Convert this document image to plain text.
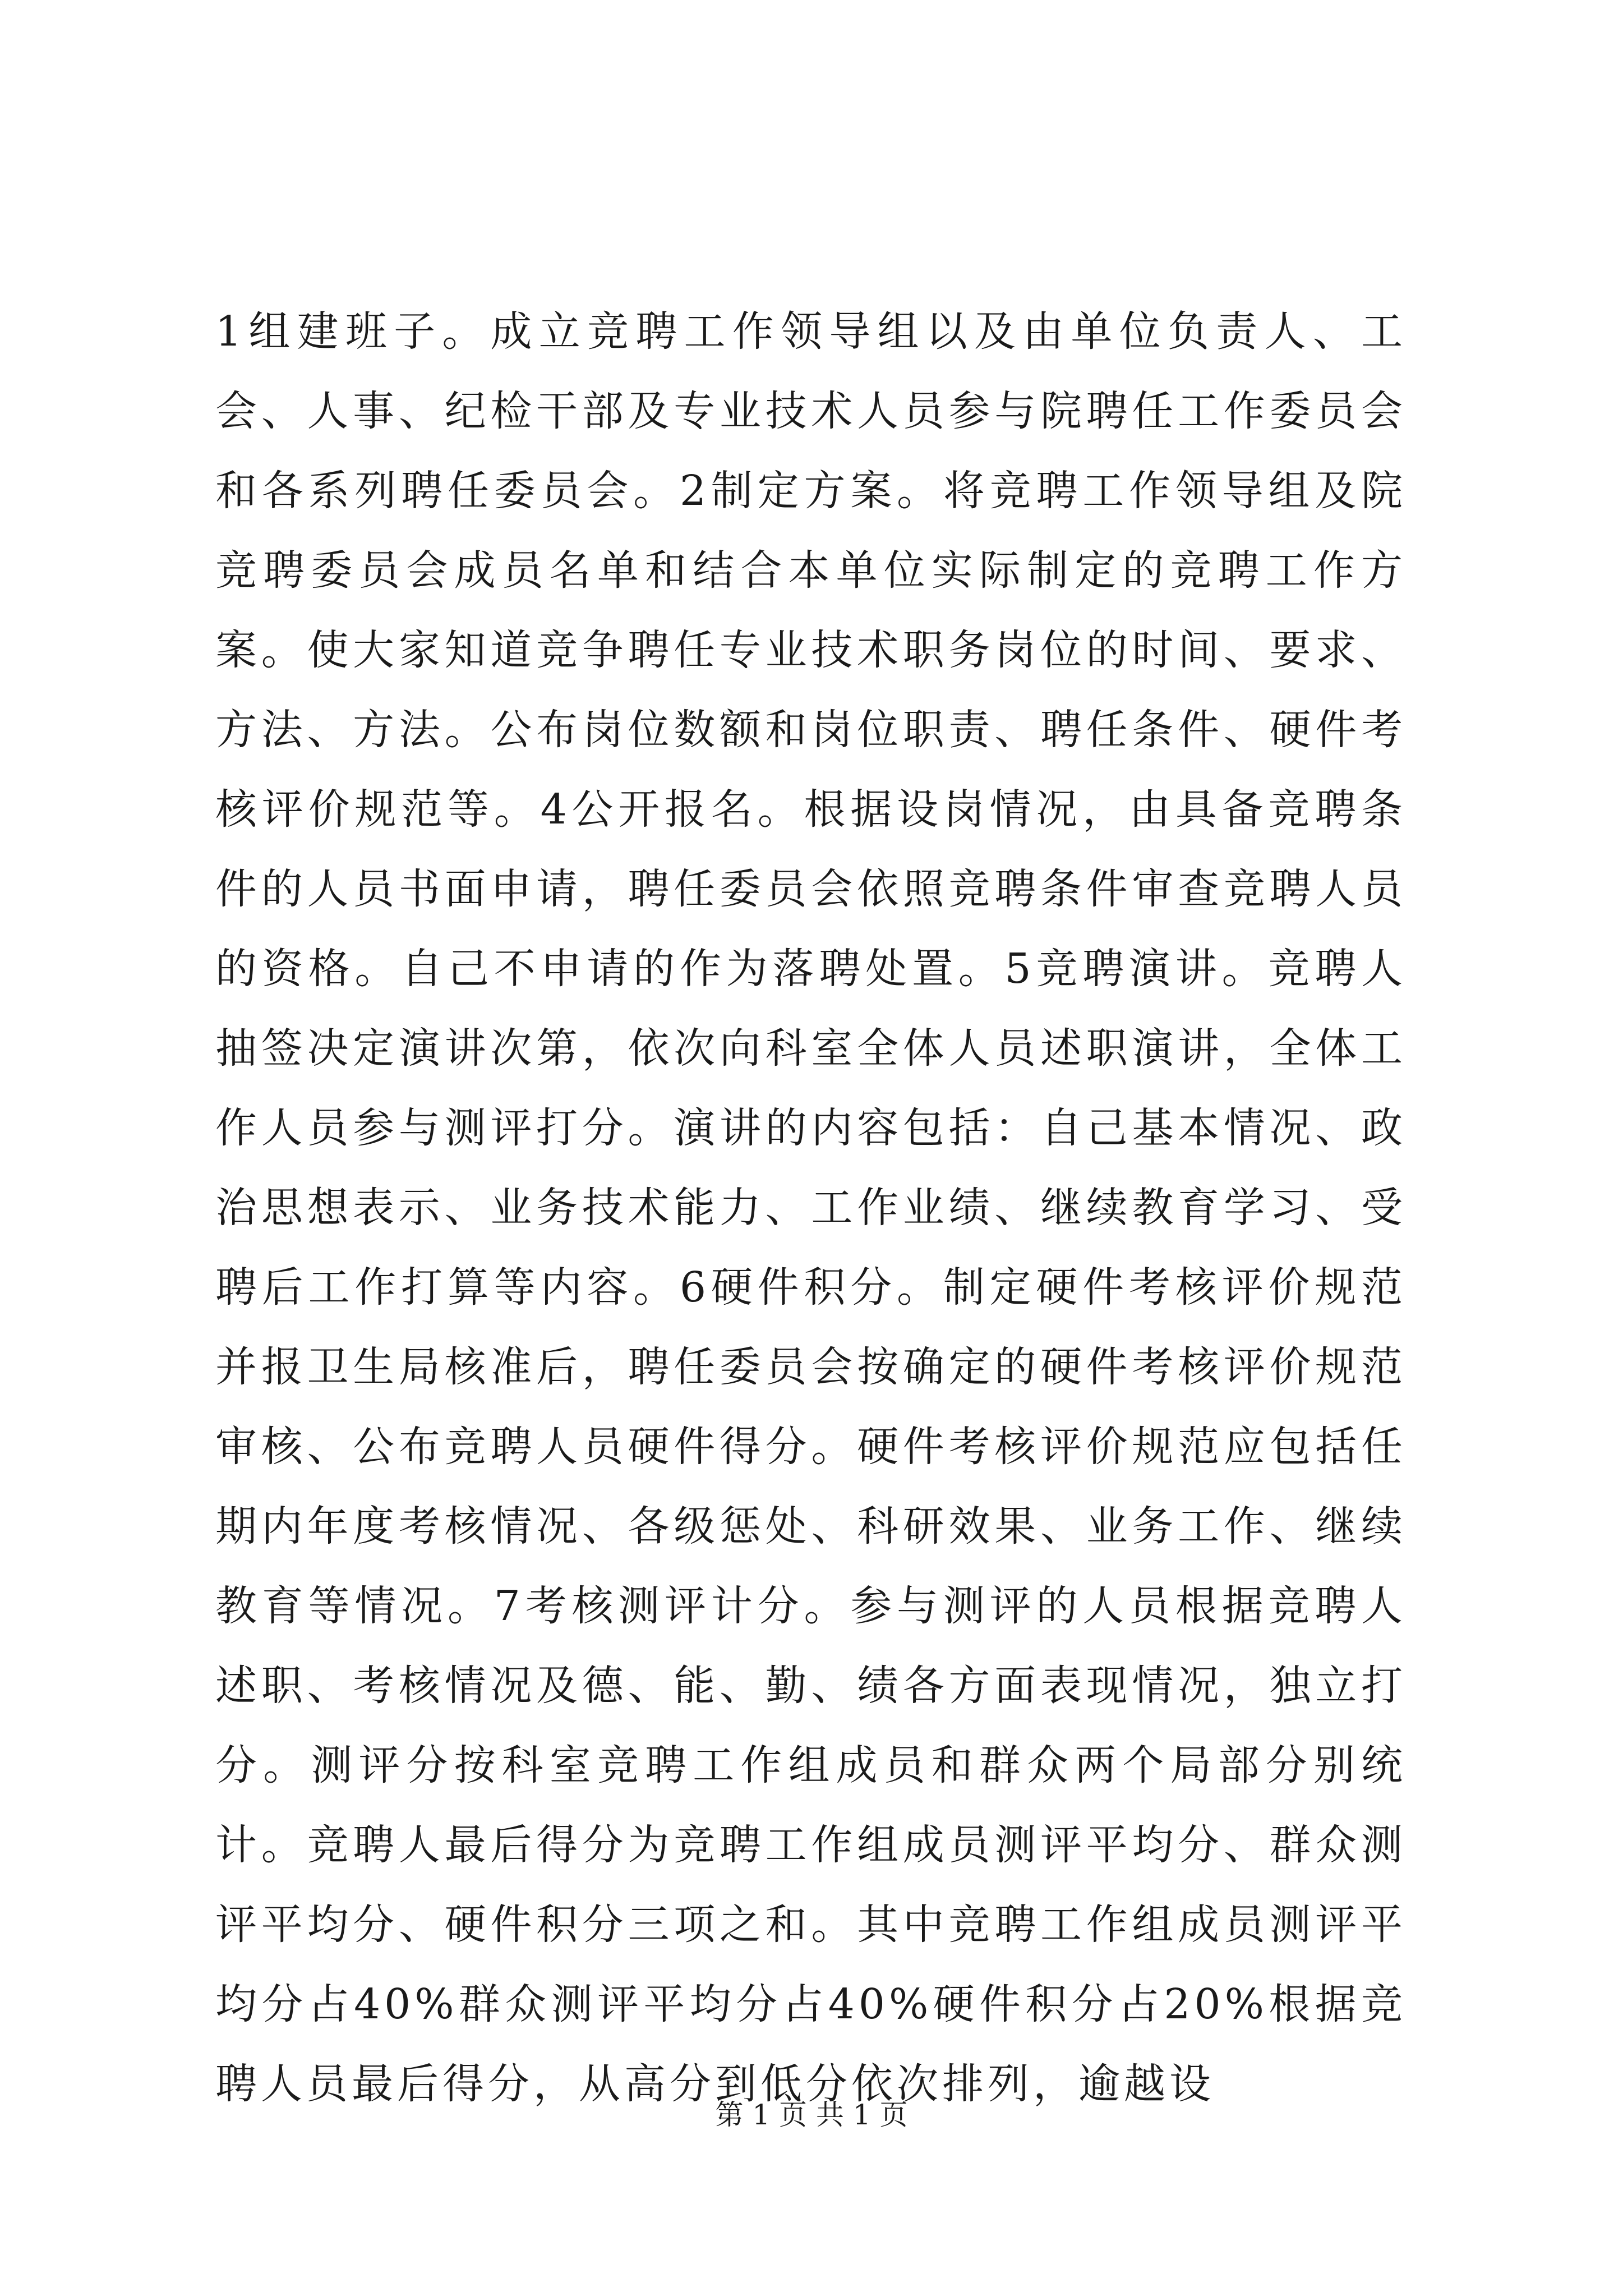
1组建班子。成立竞聘工作领导组以及由单位负责人、工会、人事、纪检干部及专业技术人员参与院聘任工作委员会和各系列聘任委员会。2制定方案。将竞聘工作领导组及院竞聘委员会成员名单和结合本单位实际制定的竞聘工作方案。使大家知道竞争聘任专业技术职务岗位的时间、要求、方法、方法。公布岗位数额和岗位职责、聘任条件、硬件考核评价规范等。4公开报名。根据设岗情况，由具备竞聘条件的人员书面申请，聘任委员会依照竞聘条件审查竞聘人员的资格。自己不申请的作为落聘处置。5竞聘演讲。竞聘人抽签决定演讲次第，依次向科室全体人员述职演讲，全体工作人员参与测评打分。演讲的内容包括：自己基本情况、政治思想表示、业务技术能力、工作业绩、继续教育学习、受聘后工作打算等内容。6硬件积分。制定硬件考核评价规范并报卫生局核准后，聘任委员会按确定的硬件考核评价规范审核、公布竞聘人员硬件得分。硬件考核评价规范应包括任期内年度考核情况、各级惩处、科研效果、业务工作、继续教育等情况。7考核测评计分。参与测评的人员根据竞聘人述职、考核情况及德、能、勤、绩各方面表现情况，独立打分。测评分按科室竞聘工作组成员和群众两个局部分别统计。竞聘人最后得分为竞聘工作组成员测评平均分、群众测评平均分、硬件积分三项之和。其中竞聘工作组成员测评平均分占40%群众测评平均分占40%硬件积分占20%根据竞聘人员最后得分，从高分到低分依次排列，逾越设

第 1 页 共 1 页
